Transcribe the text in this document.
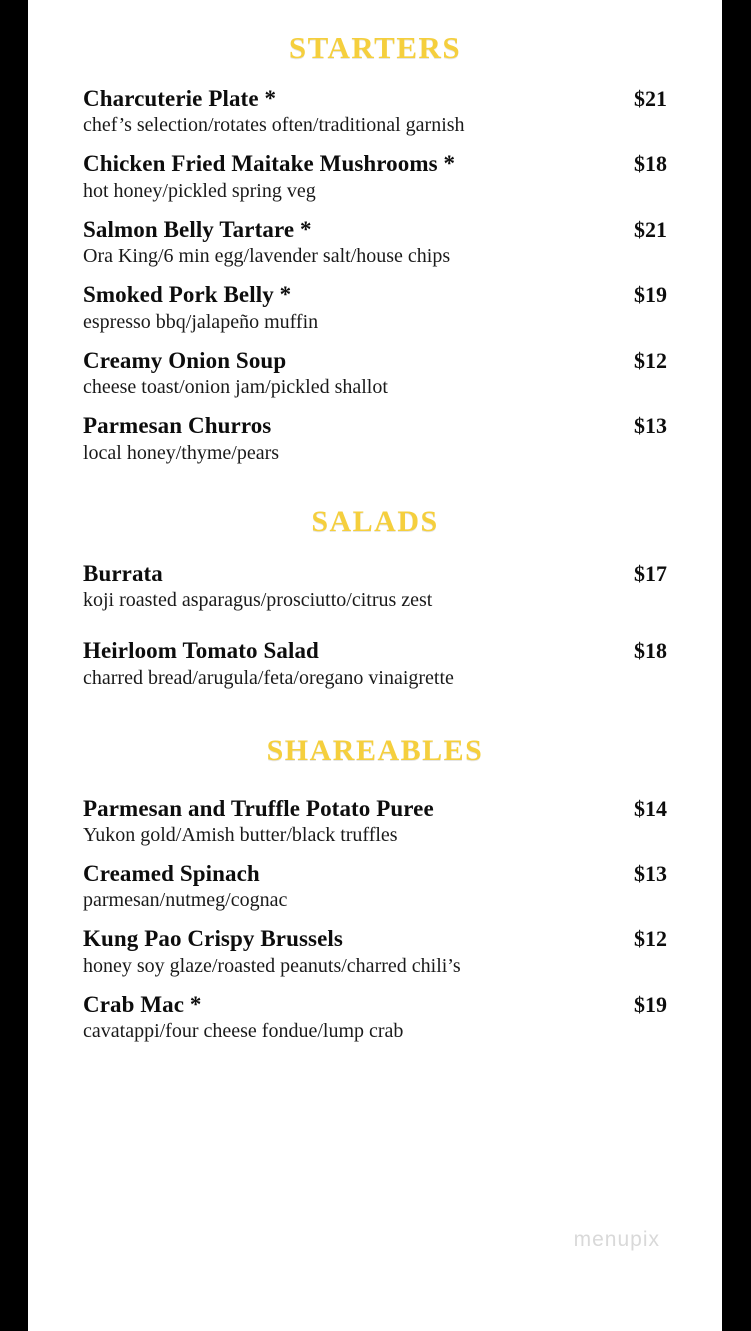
STARTERS
Charcuterie Plate *	$21
chef’s selection/rotates often/traditional garnish
Chicken Fried Maitake Mushrooms *	$18
hot honey/pickled spring veg
Salmon Belly Tartare *	$21
Ora King/6 min egg/lavender salt/house chips
Smoked Pork Belly *	$19
espresso bbq/jalapeño muffin
Creamy Onion Soup	$12
cheese toast/onion jam/pickled shallot
Parmesan Churros	$13
local honey/thyme/pears
SALADS
Burrata	$17
koji roasted asparagus/prosciutto/citrus zest
Heirloom Tomato Salad	$18
charred bread/arugula/feta/oregano vinaigrette
SHAREABLES
Parmesan and Truffle Potato Puree	$14
Yukon gold/Amish butter/black truffles
Creamed Spinach	$13
parmesan/nutmeg/cognac
Kung Pao Crispy Brussels	$12
honey soy glaze/roasted peanuts/charred chili’s
Crab Mac *	$19
cavatappi/four cheese fondue/lump crab
menupix
